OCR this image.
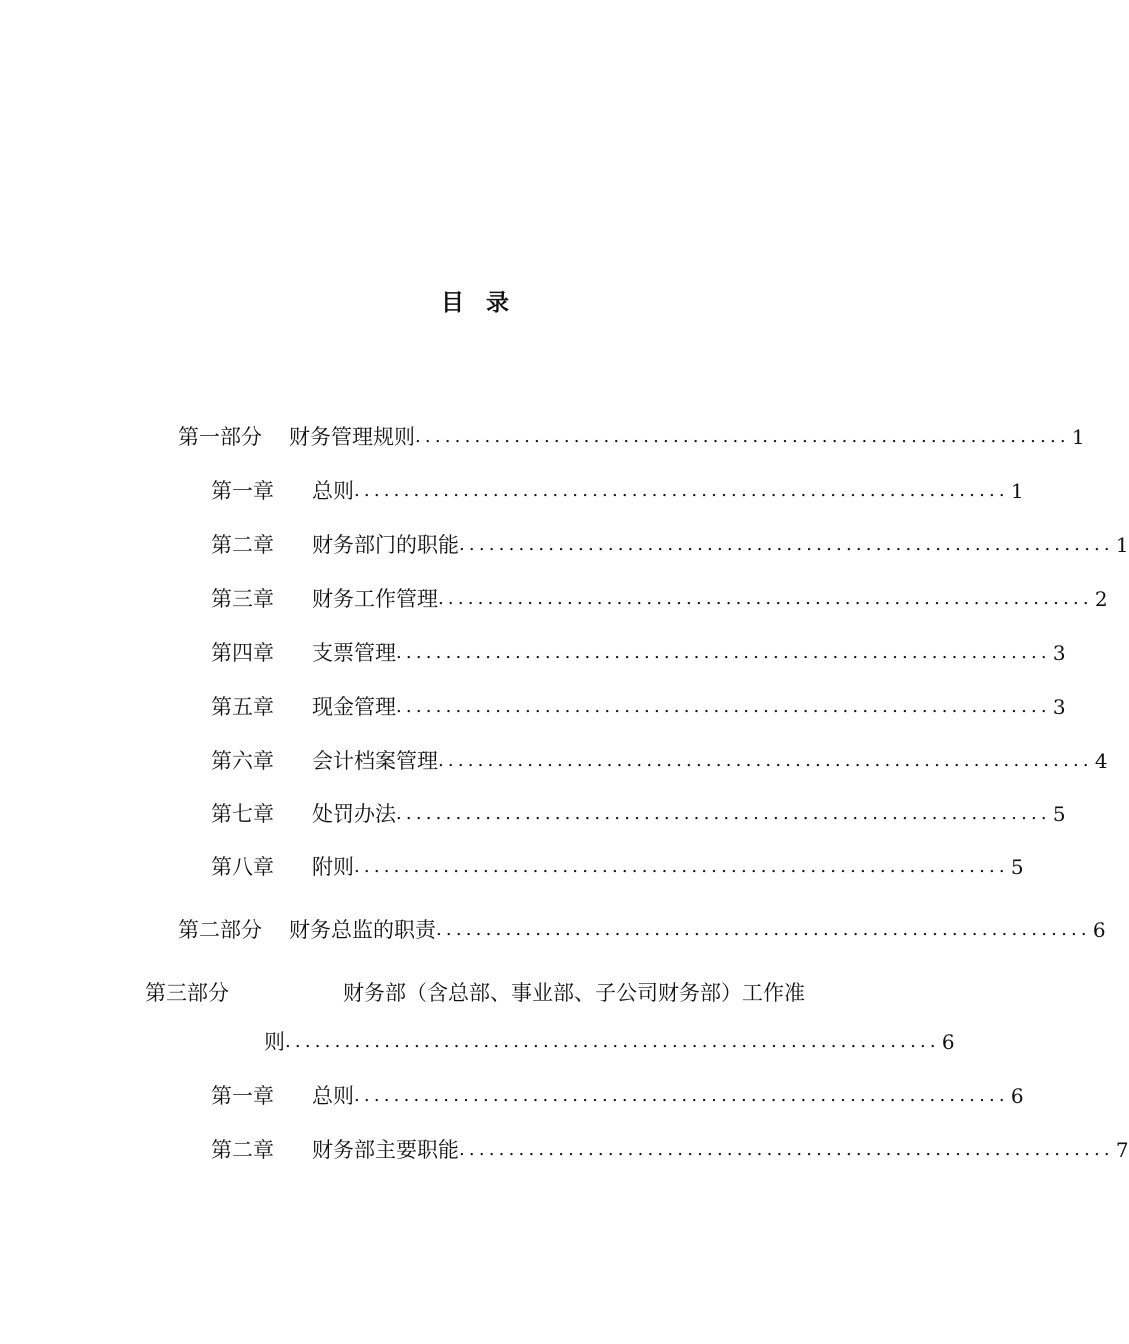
目 录
第一部分 财务管理规则 .................................................................. 1
第一章 总则 .................................................................. 1
第二章 财务部门的职能 .................................................................. 1
第三章 财务工作管理 .................................................................. 2
第四章 支票管理 .................................................................. 3
第五章 现金管理 .................................................................. 3
第六章 会计档案管理 .................................................................. 4
第七章 处罚办法 .................................................................. 5
第八章 附则 .................................................................. 5
第二部分 财务总监的职责 .................................................................. 6
第三部分	财务部（含总部、事业部、子公司财务部）工作准
则 .................................................................. 6
第一章 总则 .................................................................. 6
第二章 财务部主要职能 .................................................................. 7
